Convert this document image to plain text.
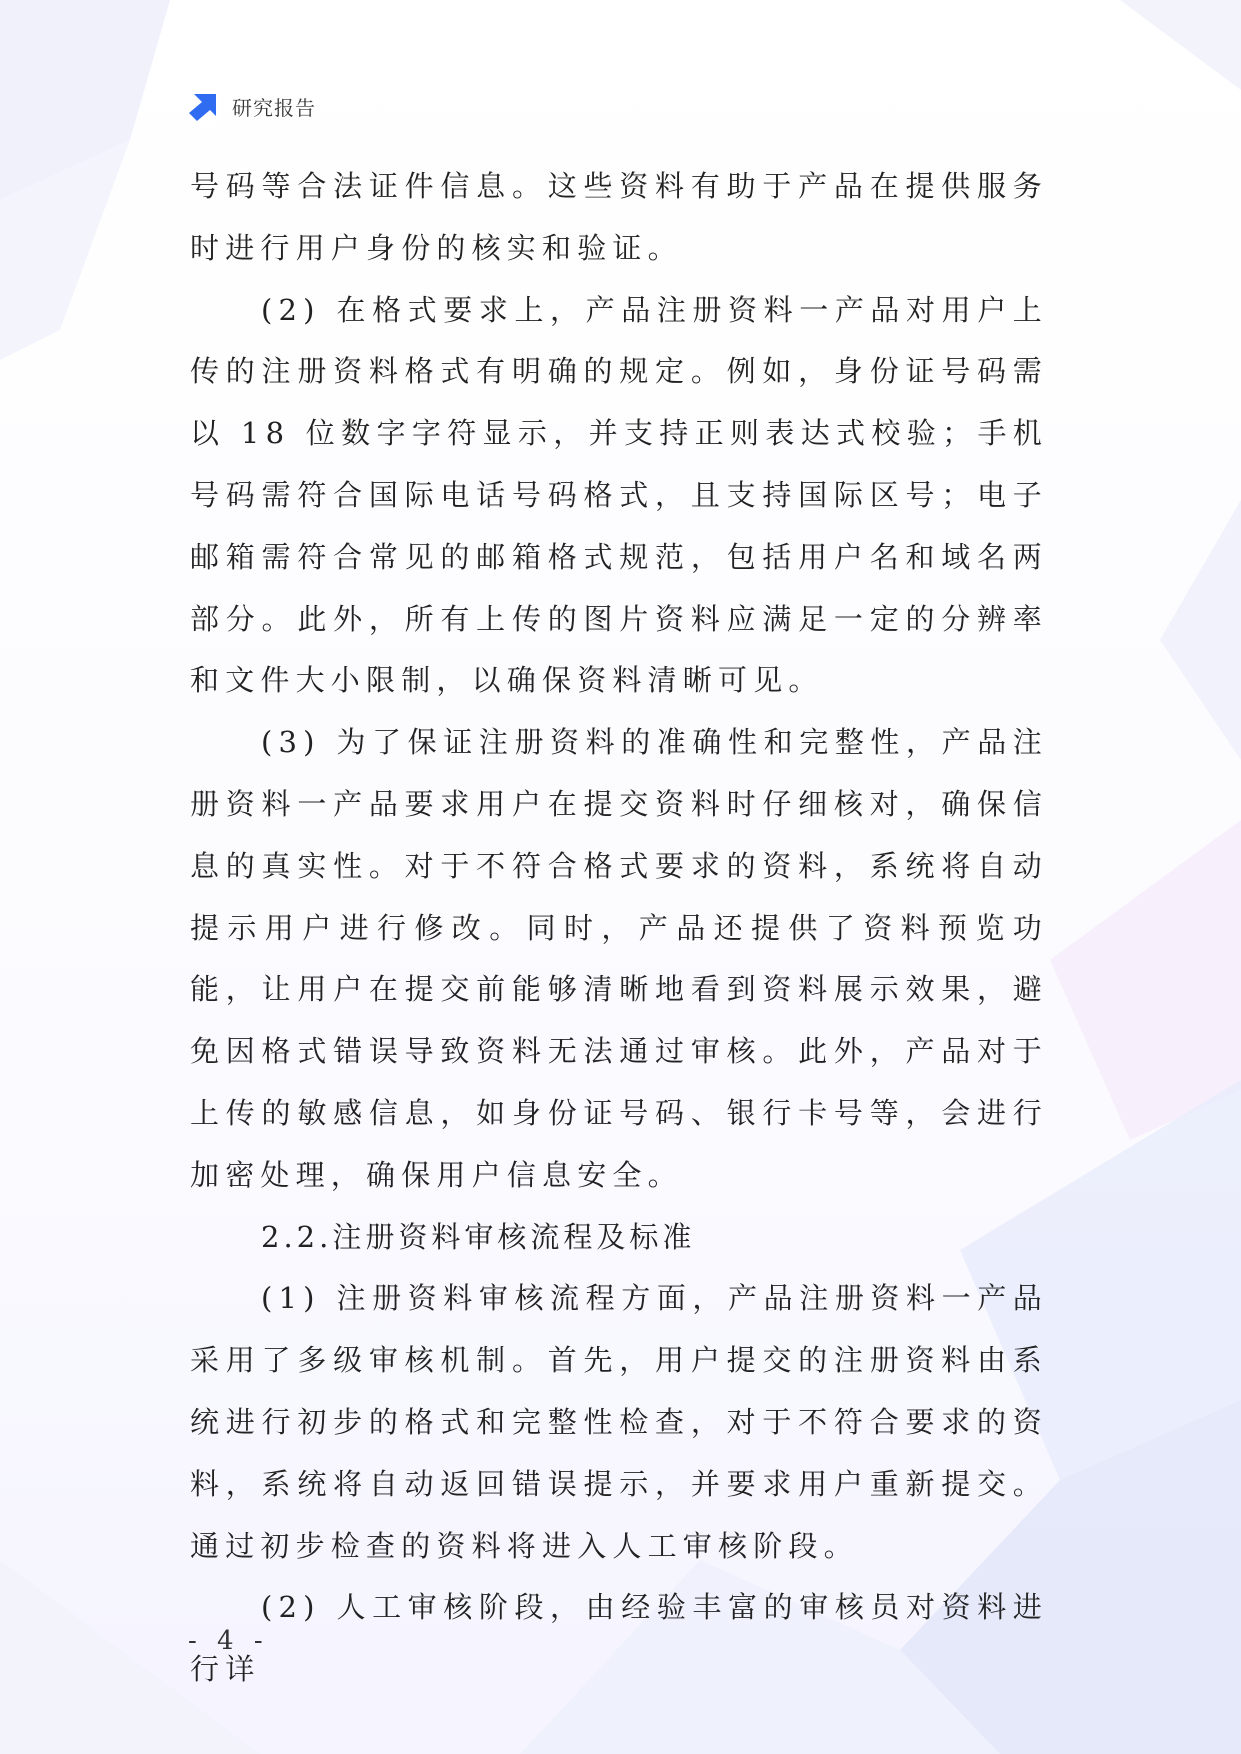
研究报告

号码等合法证件信息。这些资料有助于产品在提供服务时进行用户身份的核实和验证。

(2) 在格式要求上，产品注册资料一产品对用户上传的注册资料格式有明确的规定。例如，身份证号码需以 18 位数字字符显示，并支持正则表达式校验；手机号码需符合国际电话号码格式，且支持国际区号；电子邮箱需符合常见的邮箱格式规范，包括用户名和域名两部分。此外，所有上传的图片资料应满足一定的分辨率和文件大小限制，以确保资料清晰可见。

(3) 为了保证注册资料的准确性和完整性，产品注册资料一产品要求用户在提交资料时仔细核对，确保信息的真实性。对于不符合格式要求的资料，系统将自动提示用户进行修改。同时，产品还提供了资料预览功能，让用户在提交前能够清晰地看到资料展示效果，避免因格式错误导致资料无法通过审核。此外，产品对于上传的敏感信息，如身份证号码、银行卡号等，会进行加密处理，确保用户信息安全。

2.2.注册资料审核流程及标准

(1) 注册资料审核流程方面，产品注册资料一产品采用了多级审核机制。首先，用户提交的注册资料由系统进行初步的格式和完整性检查，对于不符合要求的资料，系统将自动返回错误提示，并要求用户重新提交。通过初步检查的资料将进入人工审核阶段。

(2) 人工审核阶段，由经验丰富的审核员对资料进行详

- 4 -
